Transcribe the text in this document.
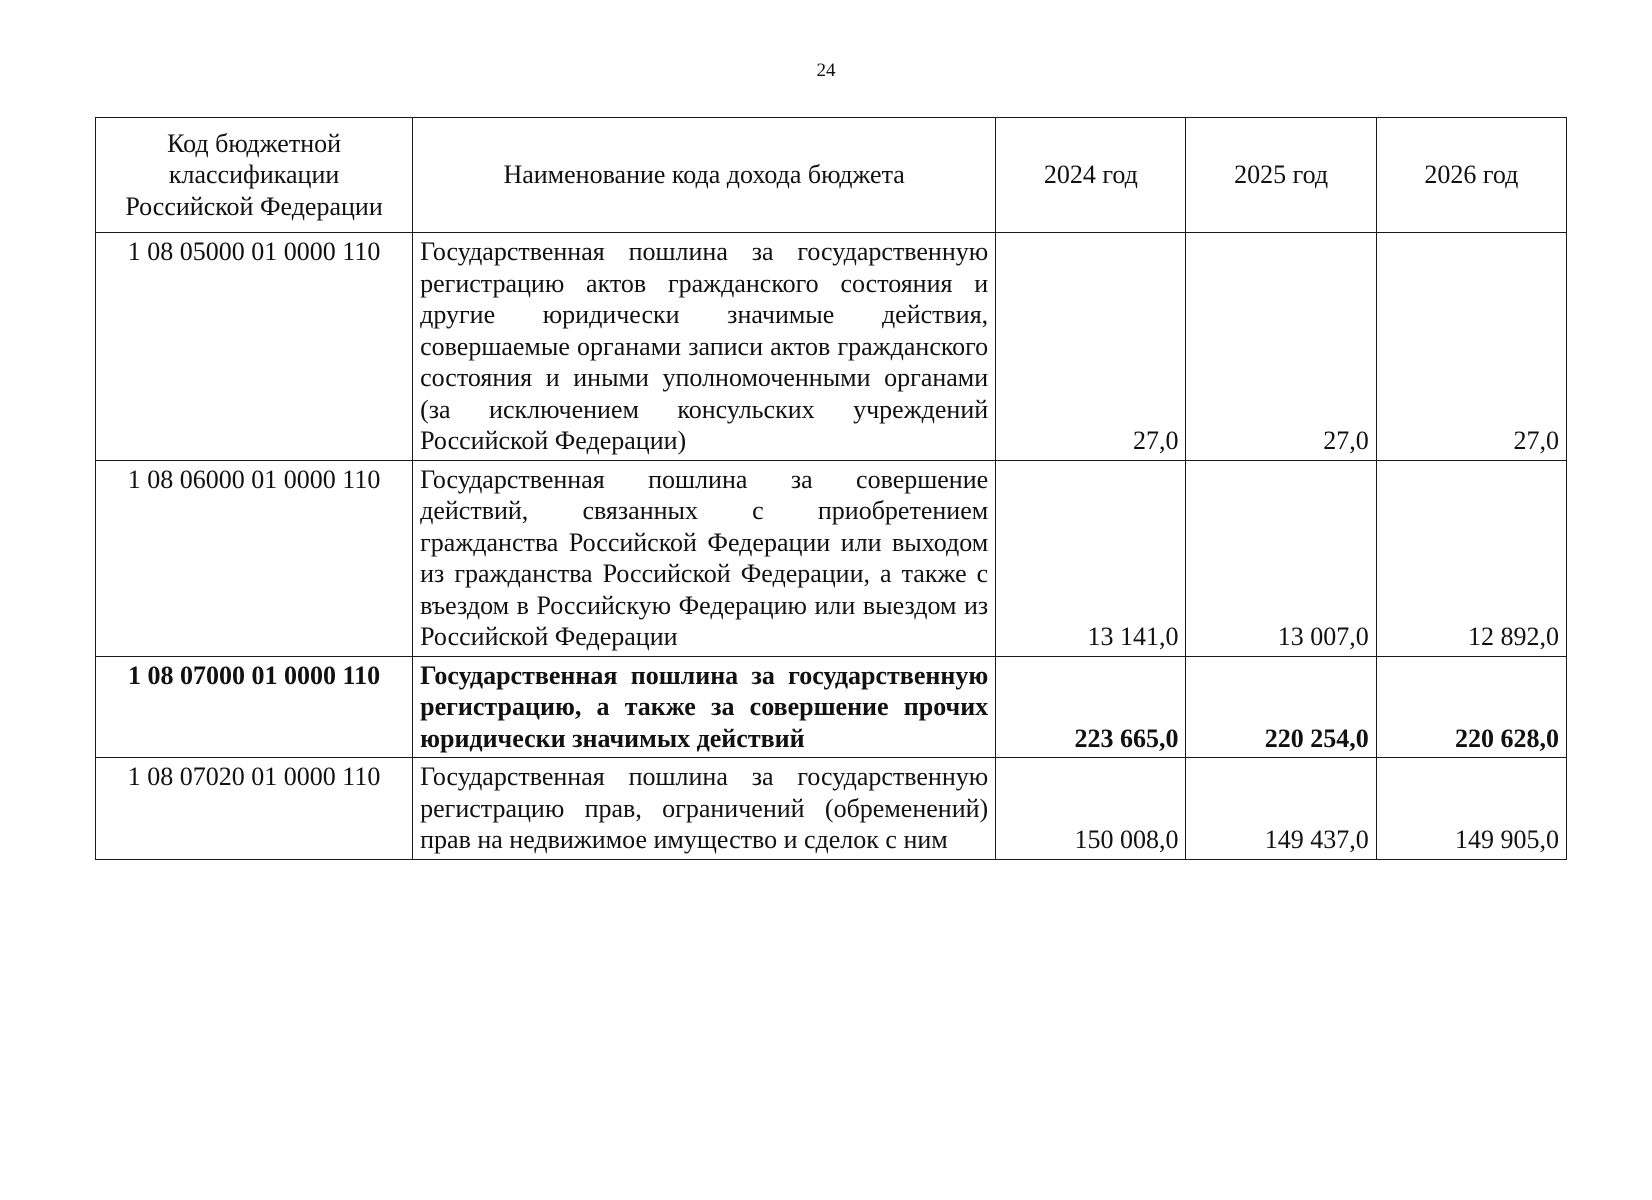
24
Код бюджетной классификации Российской Федерации	Наименование кода дохода бюджета	2024 год	2025 год	2026 год
1 08 05000 01 0000 110	Государственная пошлина за государственную регистрацию актов гражданского состояния и другие юридически значимые действия, совершаемые органами записи актов гражданского состояния и иными уполномоченными органами (за исключением консульских учреждений Российской Федерации)	27,0	27,0	27,0
1 08 06000 01 0000 110	Государственная пошлина за совершение действий, связанных с приобретением гражданства Российской Федерации или выходом из гражданства Российской Федерации, а также с въездом в Российскую Федерацию или выездом из Российской Федерации	13 141,0	13 007,0	12 892,0
1 08 07000 01 0000 110	Государственная пошлина за государственную регистрацию, а также за совершение прочих юридически значимых действий	223 665,0	220 254,0	220 628,0
1 08 07020 01 0000 110	Государственная пошлина за государственную регистрацию прав, ограничений (обременений) прав на недвижимое имущество и сделок с ним	150 008,0	149 437,0	149 905,0
